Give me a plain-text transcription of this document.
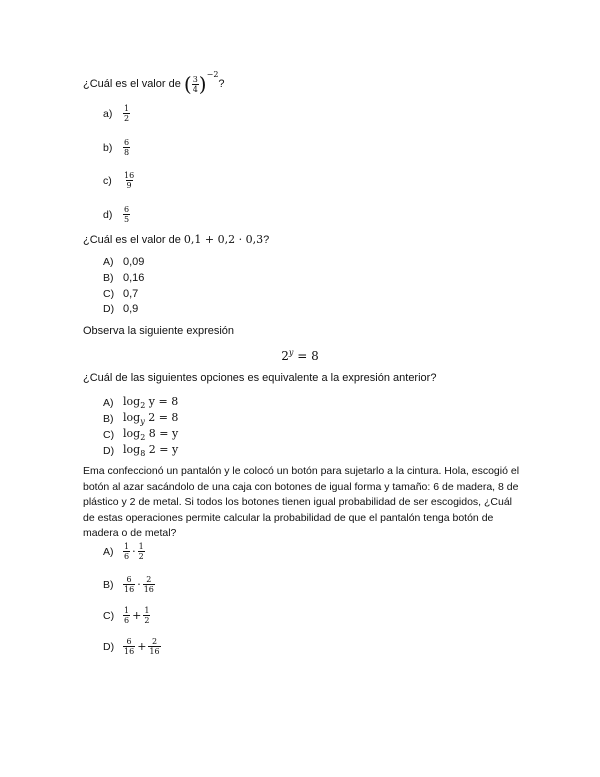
¿Cuál es el valor de
( $\frac{3}{4}$ ) −2
?
$a) \frac{1}{2}$
$b) \frac{6}{8}$
$c) \frac{16}{9}$
$d) \frac{6}{5}$
¿Cuál es el valor de 0,1 + 0,2 · 0,3?
A) 0,09
B) 0,16
C) 0,7
D) 0,9
Observa la siguiente expresión
$2^y = 8$
¿Cuál de las siguientes opciones es equivalente a la expresión anterior?
A) $\log_2 y = 8$
B) $\log_y 2 = 8$
C) $\log_2 8 = y$
D) $\log_8 2 = y$
Ema confeccionó un pantalón y le colocó un botón para sujetarlo a la cintura. Hola, escogió el botón al azar sacándolo de una caja con botones de igual forma y tamaño: 6 de madera, 8 de plástico y 2 de metal. Si todos los botones tienen igual probabilidad de ser escogidos, ¿Cuál de estas operaciones permite calcular la probabilidad de que el pantalón tenga botón de madera o de metal?
$A) \frac{1}{6} \cdot \frac{1}{2}$
$B) \frac{6}{16} \cdot \frac{2}{16}$
$C) \frac{1}{6} + \frac{1}{2}$
$D) \frac{6}{16} + \frac{2}{16}$
